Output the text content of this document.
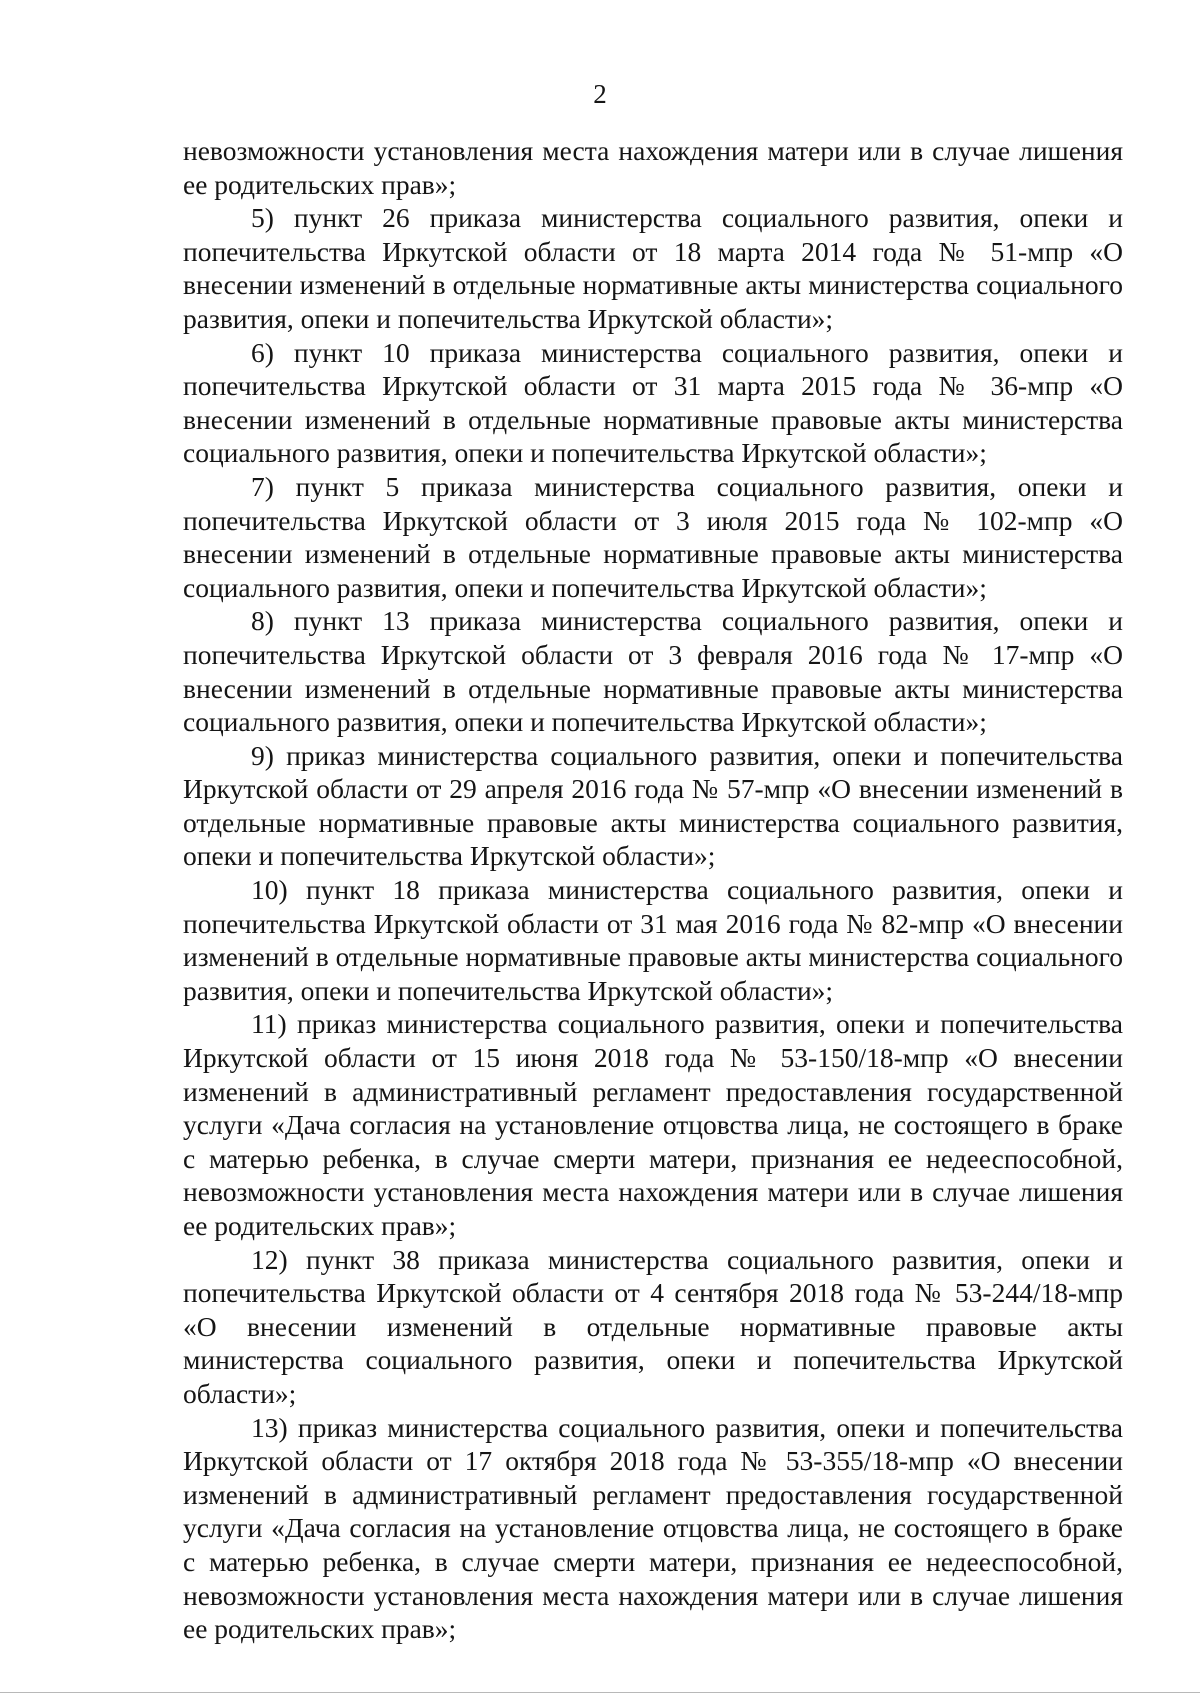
2

невозможности установления места нахождения матери или в случае лишения ее родительских прав»;

5) пункт 26 приказа министерства социального развития, опеки и попечительства Иркутской области от 18 марта 2014 года № 51-мпр «О внесении изменений в отдельные нормативные акты министерства социального развития, опеки и попечительства Иркутской области»;

6) пункт 10 приказа министерства социального развития, опеки и попечительства Иркутской области от 31 марта 2015 года № 36-мпр «О внесении изменений в отдельные нормативные правовые акты министерства социального развития, опеки и попечительства Иркутской области»;

7) пункт 5 приказа министерства социального развития, опеки и попечительства Иркутской области от 3 июля 2015 года № 102-мпр «О внесении изменений в отдельные нормативные правовые акты министерства социального развития, опеки и попечительства Иркутской области»;

8) пункт 13 приказа министерства социального развития, опеки и попечительства Иркутской области от 3 февраля 2016 года № 17-мпр «О внесении изменений в отдельные нормативные правовые акты министерства социального развития, опеки и попечительства Иркутской области»;

9) приказ министерства социального развития, опеки и попечительства Иркутской области от 29 апреля 2016 года № 57-мпр «О внесении изменений в отдельные нормативные правовые акты министерства социального развития, опеки и попечительства Иркутской области»;

10) пункт 18 приказа министерства социального развития, опеки и попечительства Иркутской области от 31 мая 2016 года № 82-мпр «О внесении изменений в отдельные нормативные правовые акты министерства социального развития, опеки и попечительства Иркутской области»;

11) приказ министерства социального развития, опеки и попечительства Иркутской области от 15 июня 2018 года № 53-150/18-мпр «О внесении изменений в административный регламент предоставления государственной услуги «Дача согласия на установление отцовства лица, не состоящего в браке с матерью ребенка, в случае смерти матери, признания ее недееспособной, невозможности установления места нахождения матери или в случае лишения ее родительских прав»;

12) пункт 38 приказа министерства социального развития, опеки и попечительства Иркутской области от 4 сентября 2018 года № 53-244/18-мпр «О внесении изменений в отдельные нормативные правовые акты министерства социального развития, опеки и попечительства Иркутской области»;

13) приказ министерства социального развития, опеки и попечительства Иркутской области от 17 октября 2018 года № 53-355/18-мпр «О внесении изменений в административный регламент предоставления государственной услуги «Дача согласия на установление отцовства лица, не состоящего в браке с матерью ребенка, в случае смерти матери, признания ее недееспособной, невозможности установления места нахождения матери или в случае лишения ее родительских прав»;
